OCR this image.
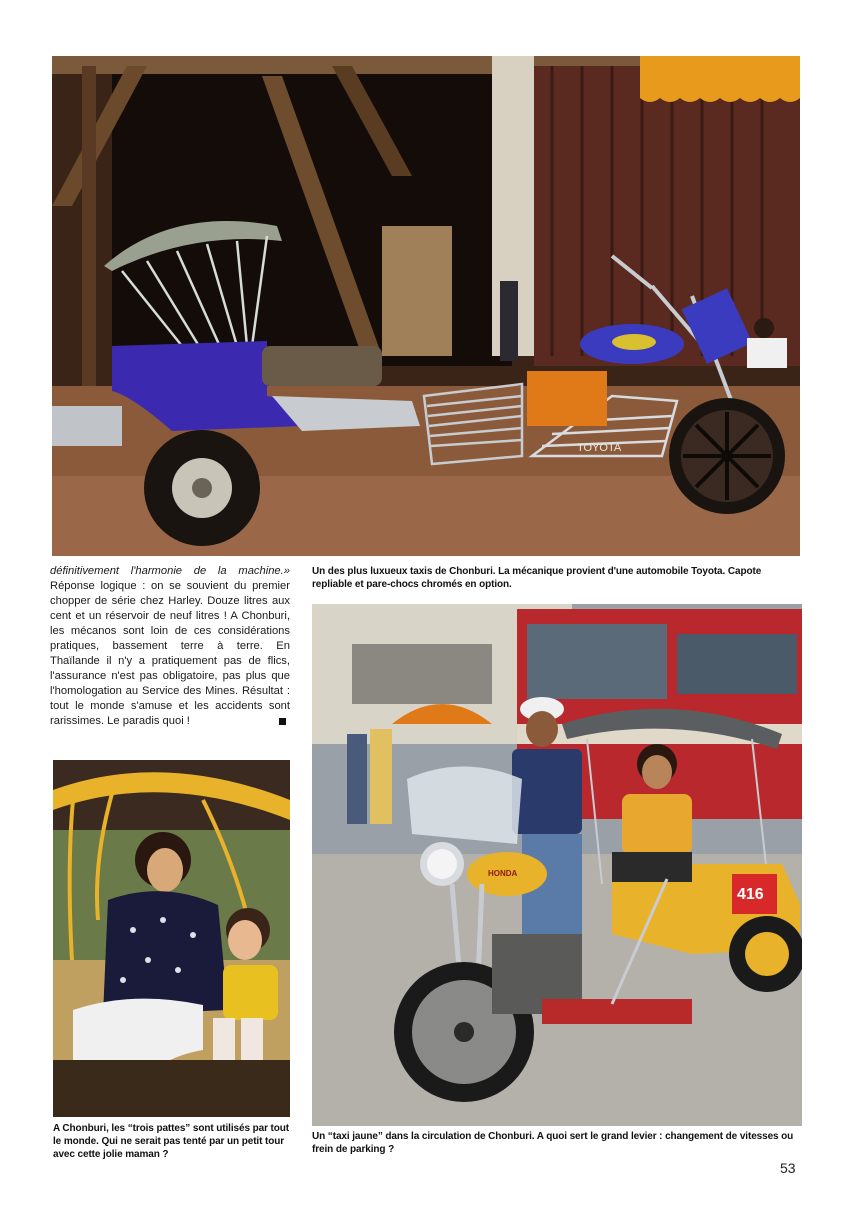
TOYOTA
Un des plus luxueux taxis de Chonburi. La mécanique provient d'une automobile Toyota. Capote repliable et pare-chocs chromés en option.

définitivement l'harmonie de la machine.» Réponse logique : on se souvient du premier chopper de série chez Harley. Douze litres aux cent et un réservoir de neuf litres ! A Chonburi, les mécanos sont loin de ces considérations pratiques, bassement terre à terre. En Thaïlande il n'y a pratiquement pas de flics, l'assurance n'est pas obligatoire, pas plus que l'homologation au Service des Mines. Résultat : tout le monde s'amuse et les accidents sont rarissimes. Le paradis quoi !

A Chonburi, les “trois pattes” sont utilisés par tout le monde. Qui ne serait pas tenté par un petit tour avec cette jolie maman ?
416
HONDA
Un “taxi jaune” dans la circulation de Chonburi. A quoi sert le grand levier : changement de vitesses ou frein de parking ?
53
